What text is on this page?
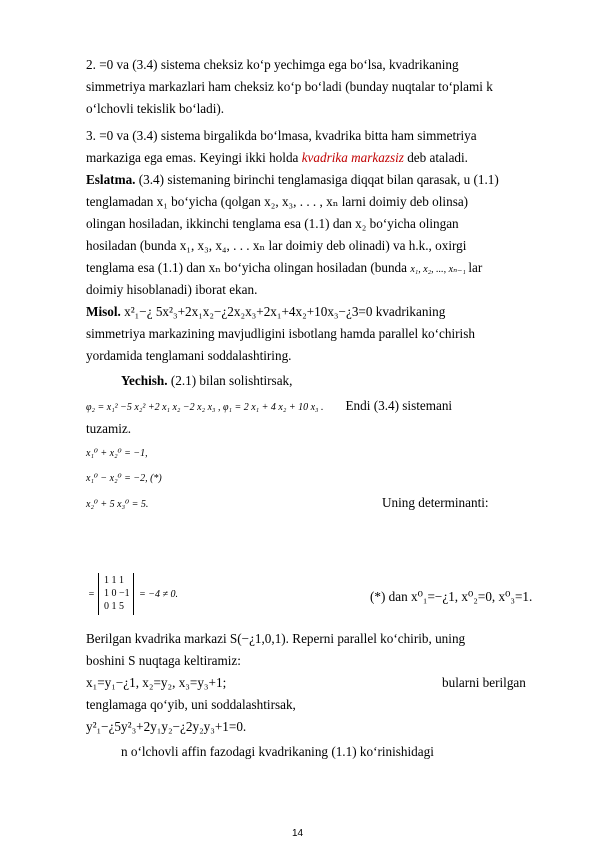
2. =0 va (3.4) sistema cheksiz ko‘p yechimga ega bo‘lsa, kvadrikaning
simmetriya markazlari ham cheksiz ko‘p bo‘ladi (bunday nuqtalar to‘plami k
o‘lchovli tekislik bo‘ladi).
3. =0 va (3.4) sistema birgalikda bo‘lmasa, kvadrika bitta ham simmetriya
markaziga ega emas. Keyingi ikki holda kvadrika markazsiz deb ataladi.
Eslatma. (3.4) sistemaning birinchi tenglamasiga diqqat bilan qarasak, u (1.1)
tenglamadan x₁ bo‘yicha (qolgan x₂, x₃, . . . , xₙ larni doimiy deb olinsa)
olingan hosiladan, ikkinchi tenglama esa (1.1) dan x₂ bo‘yicha olingan
hosiladan (bunda x₁, x₃, x₄, . . . xₙ lar doimiy deb olinadi) va h.k., oxirgi
tenglama esa (1.1) dan xₙ bo‘yicha olingan hosiladan (bunda x₁, x₂, ..., xₙ₋₁ lar
doimiy hisoblanadi) iborat ekan.
Misol. x²₁−¿ 5x²₃+2x₁x₂−¿2x₂x₃+2x₁+4x₂+10x₃−¿3=0 kvadrikaning
simmetriya markazining mavjudligini isbotlang hamda parallel ko‘chirish
yordamida tenglamani soddalashtiring.
Yechish. (2.1) bilan solishtirsak,
φ₂ = x₁² −5 x₂² +2 x₁ x₂ −2 x₂ x₃ , φ₁ = 2 x₁ + 4 x₂ + 10 x₃ . Endi (3.4) sistemani
tuzamiz.
x₁⁰ + x₂⁰ = −1,
x₁⁰ − x₂⁰ = −2, (*)
x₂⁰ + 5 x₃⁰ = 5.	Uning determinanti:
=
1 1 1
1 0 −1
0 1 5
= −4 ≠ 0.	(*) dan x⁰₁=−¿1, x⁰₂=0, x⁰₃=1.
Berilgan kvadrika markazi S(−¿1,0,1). Reperni parallel ko‘chirib, uning
boshini S nuqtaga keltiramiz:
x₁=y₁−¿1, x₂=y₂, x₃=y₃+1;	bularni berilgan
tenglamaga qo‘yib, uni soddalashtirsak,
y²₁−¿5y²₃+2y₁y₂−¿2y₂y₃+1=0.
n o‘lchovli affin fazodagi kvadrikaning (1.1) ko‘rinishidagi
14
